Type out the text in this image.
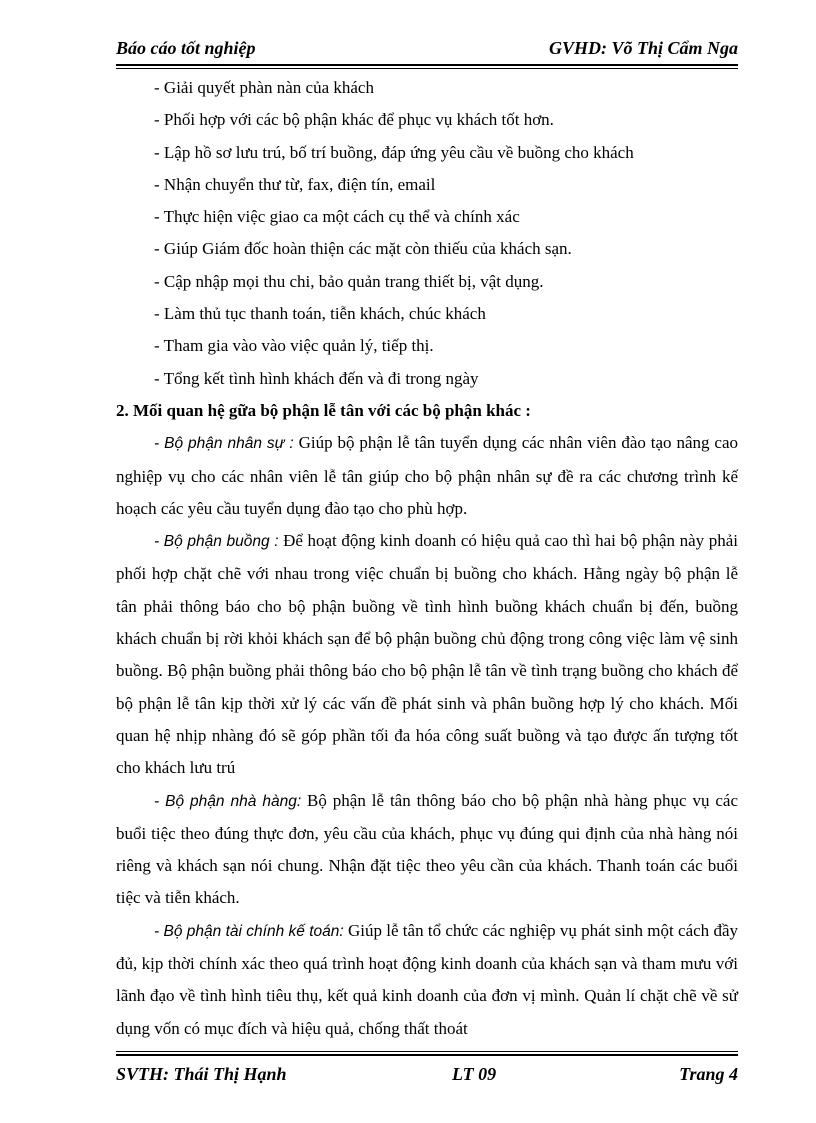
Báo cáo tốt nghiệp	GVHD: Võ Thị Cẩm Nga
- Giải quyết phàn nàn của khách
- Phối hợp với các bộ phận khác để phục vụ khách tốt hơn.
- Lập hồ sơ lưu trú, bố trí buồng, đáp ứng yêu cầu về buồng cho khách
- Nhận chuyển thư từ, fax, điện tín, email
- Thực hiện việc giao ca một cách cụ thể và chính xác
- Giúp Giám đốc hoàn thiện các mặt còn thiếu của khách sạn.
- Cập nhập mọi thu chi, bảo quản trang thiết bị, vật dụng.
- Làm thủ tục thanh toán, tiễn khách, chúc khách
- Tham gia vào vào việc quản lý, tiếp thị.
- Tổng kết tình hình khách đến và đi trong ngày
2. Mối quan hệ gữa bộ phận lễ tân với các bộ phận khác :

- Bộ phận nhân sự : Giúp bộ phận lễ tân tuyển dụng các nhân viên đào tạo nâng cao nghiệp vụ cho các nhân viên lễ tân giúp cho bộ phận nhân sự đề ra các chương trình kế hoạch các yêu cầu tuyển dụng đào tạo cho phù hợp.

- Bộ phận buồng : Để hoạt động kinh doanh có hiệu quả cao thì hai bộ phận này phải phối hợp chặt chẽ với nhau trong việc chuẩn bị buồng cho khách. Hằng ngày bộ phận lễ tân phải thông báo cho bộ phận buồng về tình hình buồng khách chuẩn bị đến, buồng khách chuẩn bị rời khỏi khách sạn để bộ phận buồng chủ động trong công việc làm vệ sinh buồng. Bộ phận buồng phải thông báo cho bộ phận lễ tân về tình trạng buồng cho khách để bộ phận lễ tân kịp thời xử lý các vấn đề phát sinh và phân buồng hợp lý cho khách. Mối quan hệ nhịp nhàng đó sẽ góp phần tối đa hóa công suất buồng và tạo được ấn tượng tốt cho khách lưu trú

- Bộ phận nhà hàng: Bộ phận lễ tân thông báo cho bộ phận nhà hàng phục vụ các buổi tiệc theo đúng thực đơn, yêu cầu của khách, phục vụ đúng qui định của nhà hàng nói riêng và khách sạn nói chung. Nhận đặt tiệc theo yêu cần của khách. Thanh toán các buổi tiệc và tiễn khách.

- Bộ phận tài chính kế toán: Giúp lễ tân tổ chức các nghiệp vụ phát sinh một cách đầy đủ, kịp thời chính xác theo quá trình hoạt động kinh doanh của khách sạn và tham mưu với lãnh đạo về tình hình tiêu thụ, kết quả kinh doanh của đơn vị mình. Quản lí chặt chẽ về sử dụng vốn có mục đích và hiệu quả, chống thất thoát

SVTH: Thái Thị Hạnh	LT 09	Trang 4
